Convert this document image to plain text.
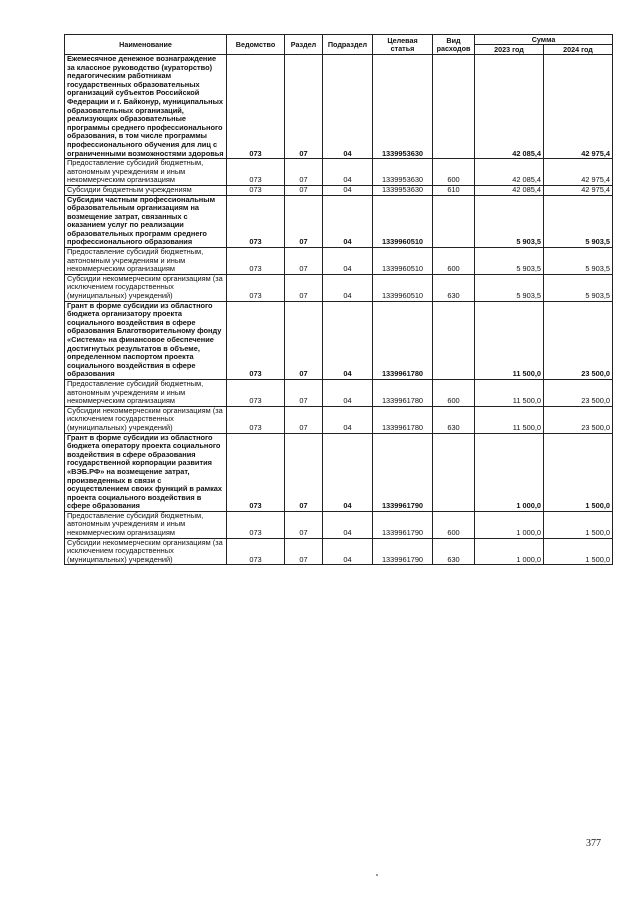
Наименование	Ведомство	Раздел	Подраздел	Целевая статья	Вид расходов	Сумма	
						2023 год	2024 год
Ежемесячное денежное вознаграждение за классное руководство (кураторство) педагогическим работникам государственных образовательных организаций субъектов Российской Федерации и г. Байконур, муниципальных образовательных организаций, реализующих образовательные программы среднего профессионального образования, в том числе программы профессионального обучения для лиц с ограниченными возможностями здоровья	073	07	04	1339953630		42 085,4	42 975,4
Предоставление субсидий бюджетным, автономным учреждениям и иным некоммерческим организациям	073	07	04	1339953630	600	42 085,4	42 975,4
Субсидии бюджетным учреждениям	073	07	04	1339953630	610	42 085,4	42 975,4
Субсидии частным профессиональным образовательным организациям на возмещение затрат, связанных с оказанием услуг по реализации образовательных программ среднего профессионального образования	073	07	04	1339960510		5 903,5	5 903,5
Предоставление субсидий бюджетным, автономным учреждениям и иным некоммерческим организациям	073	07	04	1339960510	600	5 903,5	5 903,5
Субсидии некоммерческим организациям (за исключением государственных (муниципальных) учреждений)	073	07	04	1339960510	630	5 903,5	5 903,5
Грант в форме субсидии из областного бюджета организатору проекта социального воздействия в сфере образования Благотворительному фонду «Система» на финансовое обеспечение достигнутых результатов в объеме, определенном паспортом проекта социального воздействия в сфере образования	073	07	04	1339961780		11 500,0	23 500,0
Предоставление субсидий бюджетным, автономным учреждениям и иным некоммерческим организациям	073	07	04	1339961780	600	11 500,0	23 500,0
Субсидии некоммерческим организациям (за исключением государственных (муниципальных) учреждений)	073	07	04	1339961780	630	11 500,0	23 500,0
Грант в форме субсидии из областного бюджета оператору проекта социального воздействия в сфере образования государственной корпорации развития «ВЭБ.РФ» на возмещение затрат, произведенных в связи с осуществлением своих функций в рамках проекта социального воздействия в сфере образования	073	07	04	1339961790		1 000,0	1 500,0
Предоставление субсидий бюджетным, автономным учреждениям и иным некоммерческим организациям	073	07	04	1339961790	600	1 000,0	1 500,0
Субсидии некоммерческим организациям (за исключением государственных (муниципальных) учреждений)	073	07	04	1339961790	630	1 000,0	1 500,0
377
